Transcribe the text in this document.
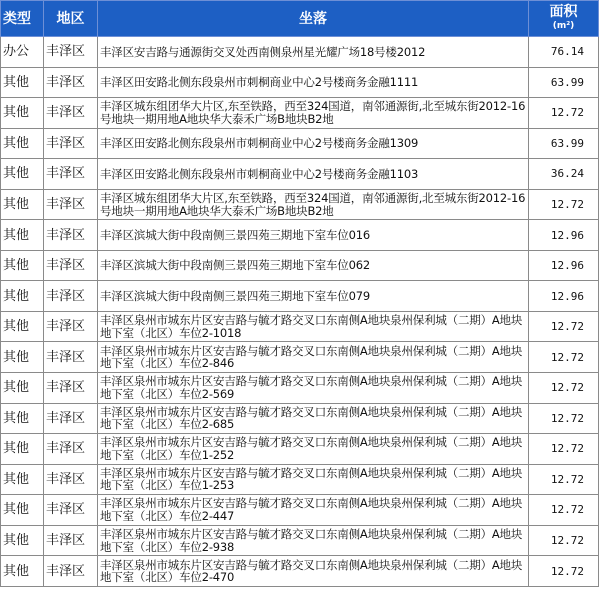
类型	地区	坐落	面积
(m²)

办公	丰泽区	丰泽区安吉路与通源街交叉处西南侧泉州星光耀广场18号楼2012	76.14
其他	丰泽区	丰泽区田安路北侧东段泉州市刺桐商业中心2号楼商务金融1111	63.99
其他	丰泽区	丰泽区城东组团华大片区,东至铁路，西至324国道，南邻通源街,北至城东街2012-16号地块一期用地A地块华大泰禾广场B地块B2地	12.72
其他	丰泽区	丰泽区田安路北侧东段泉州市刺桐商业中心2号楼商务金融1309	63.99
其他	丰泽区	丰泽区田安路北侧东段泉州市刺桐商业中心2号楼商务金融1103	36.24
其他	丰泽区	丰泽区城东组团华大片区,东至铁路，西至324国道，南邻通源街,北至城东街2012-16号地块一期用地A地块华大泰禾广场B地块B2地	12.72
其他	丰泽区	丰泽区滨城大街中段南侧三景四苑三期地下室车位016	12.96
其他	丰泽区	丰泽区滨城大街中段南侧三景四苑三期地下室车位062	12.96
其他	丰泽区	丰泽区滨城大街中段南侧三景四苑三期地下室车位079	12.96
其他	丰泽区	丰泽区泉州市城东片区安吉路与毓才路交叉口东南侧A地块泉州保利城（二期）A地块地下室（北区）车位2-1018	12.72
其他	丰泽区	丰泽区泉州市城东片区安吉路与毓才路交叉口东南侧A地块泉州保利城（二期）A地块地下室（北区）车位2-846	12.72
其他	丰泽区	丰泽区泉州市城东片区安吉路与毓才路交叉口东南侧A地块泉州保利城（二期）A地块地下室（北区）车位2-569	12.72
其他	丰泽区	丰泽区泉州市城东片区安吉路与毓才路交叉口东南侧A地块泉州保利城（二期）A地块地下室（北区）车位2-685	12.72
其他	丰泽区	丰泽区泉州市城东片区安吉路与毓才路交叉口东南侧A地块泉州保利城（二期）A地块地下室（北区）车位1-252	12.72
其他	丰泽区	丰泽区泉州市城东片区安吉路与毓才路交叉口东南侧A地块泉州保利城（二期）A地块地下室（北区）车位1-253	12.72
其他	丰泽区	丰泽区泉州市城东片区安吉路与毓才路交叉口东南侧A地块泉州保利城（二期）A地块地下室（北区）车位2-447	12.72
其他	丰泽区	丰泽区泉州市城东片区安吉路与毓才路交叉口东南侧A地块泉州保利城（二期）A地块地下室（北区）车位2-938	12.72
其他	丰泽区	丰泽区泉州市城东片区安吉路与毓才路交叉口东南侧A地块泉州保利城（二期）A地块地下室（北区）车位2-470	12.72
